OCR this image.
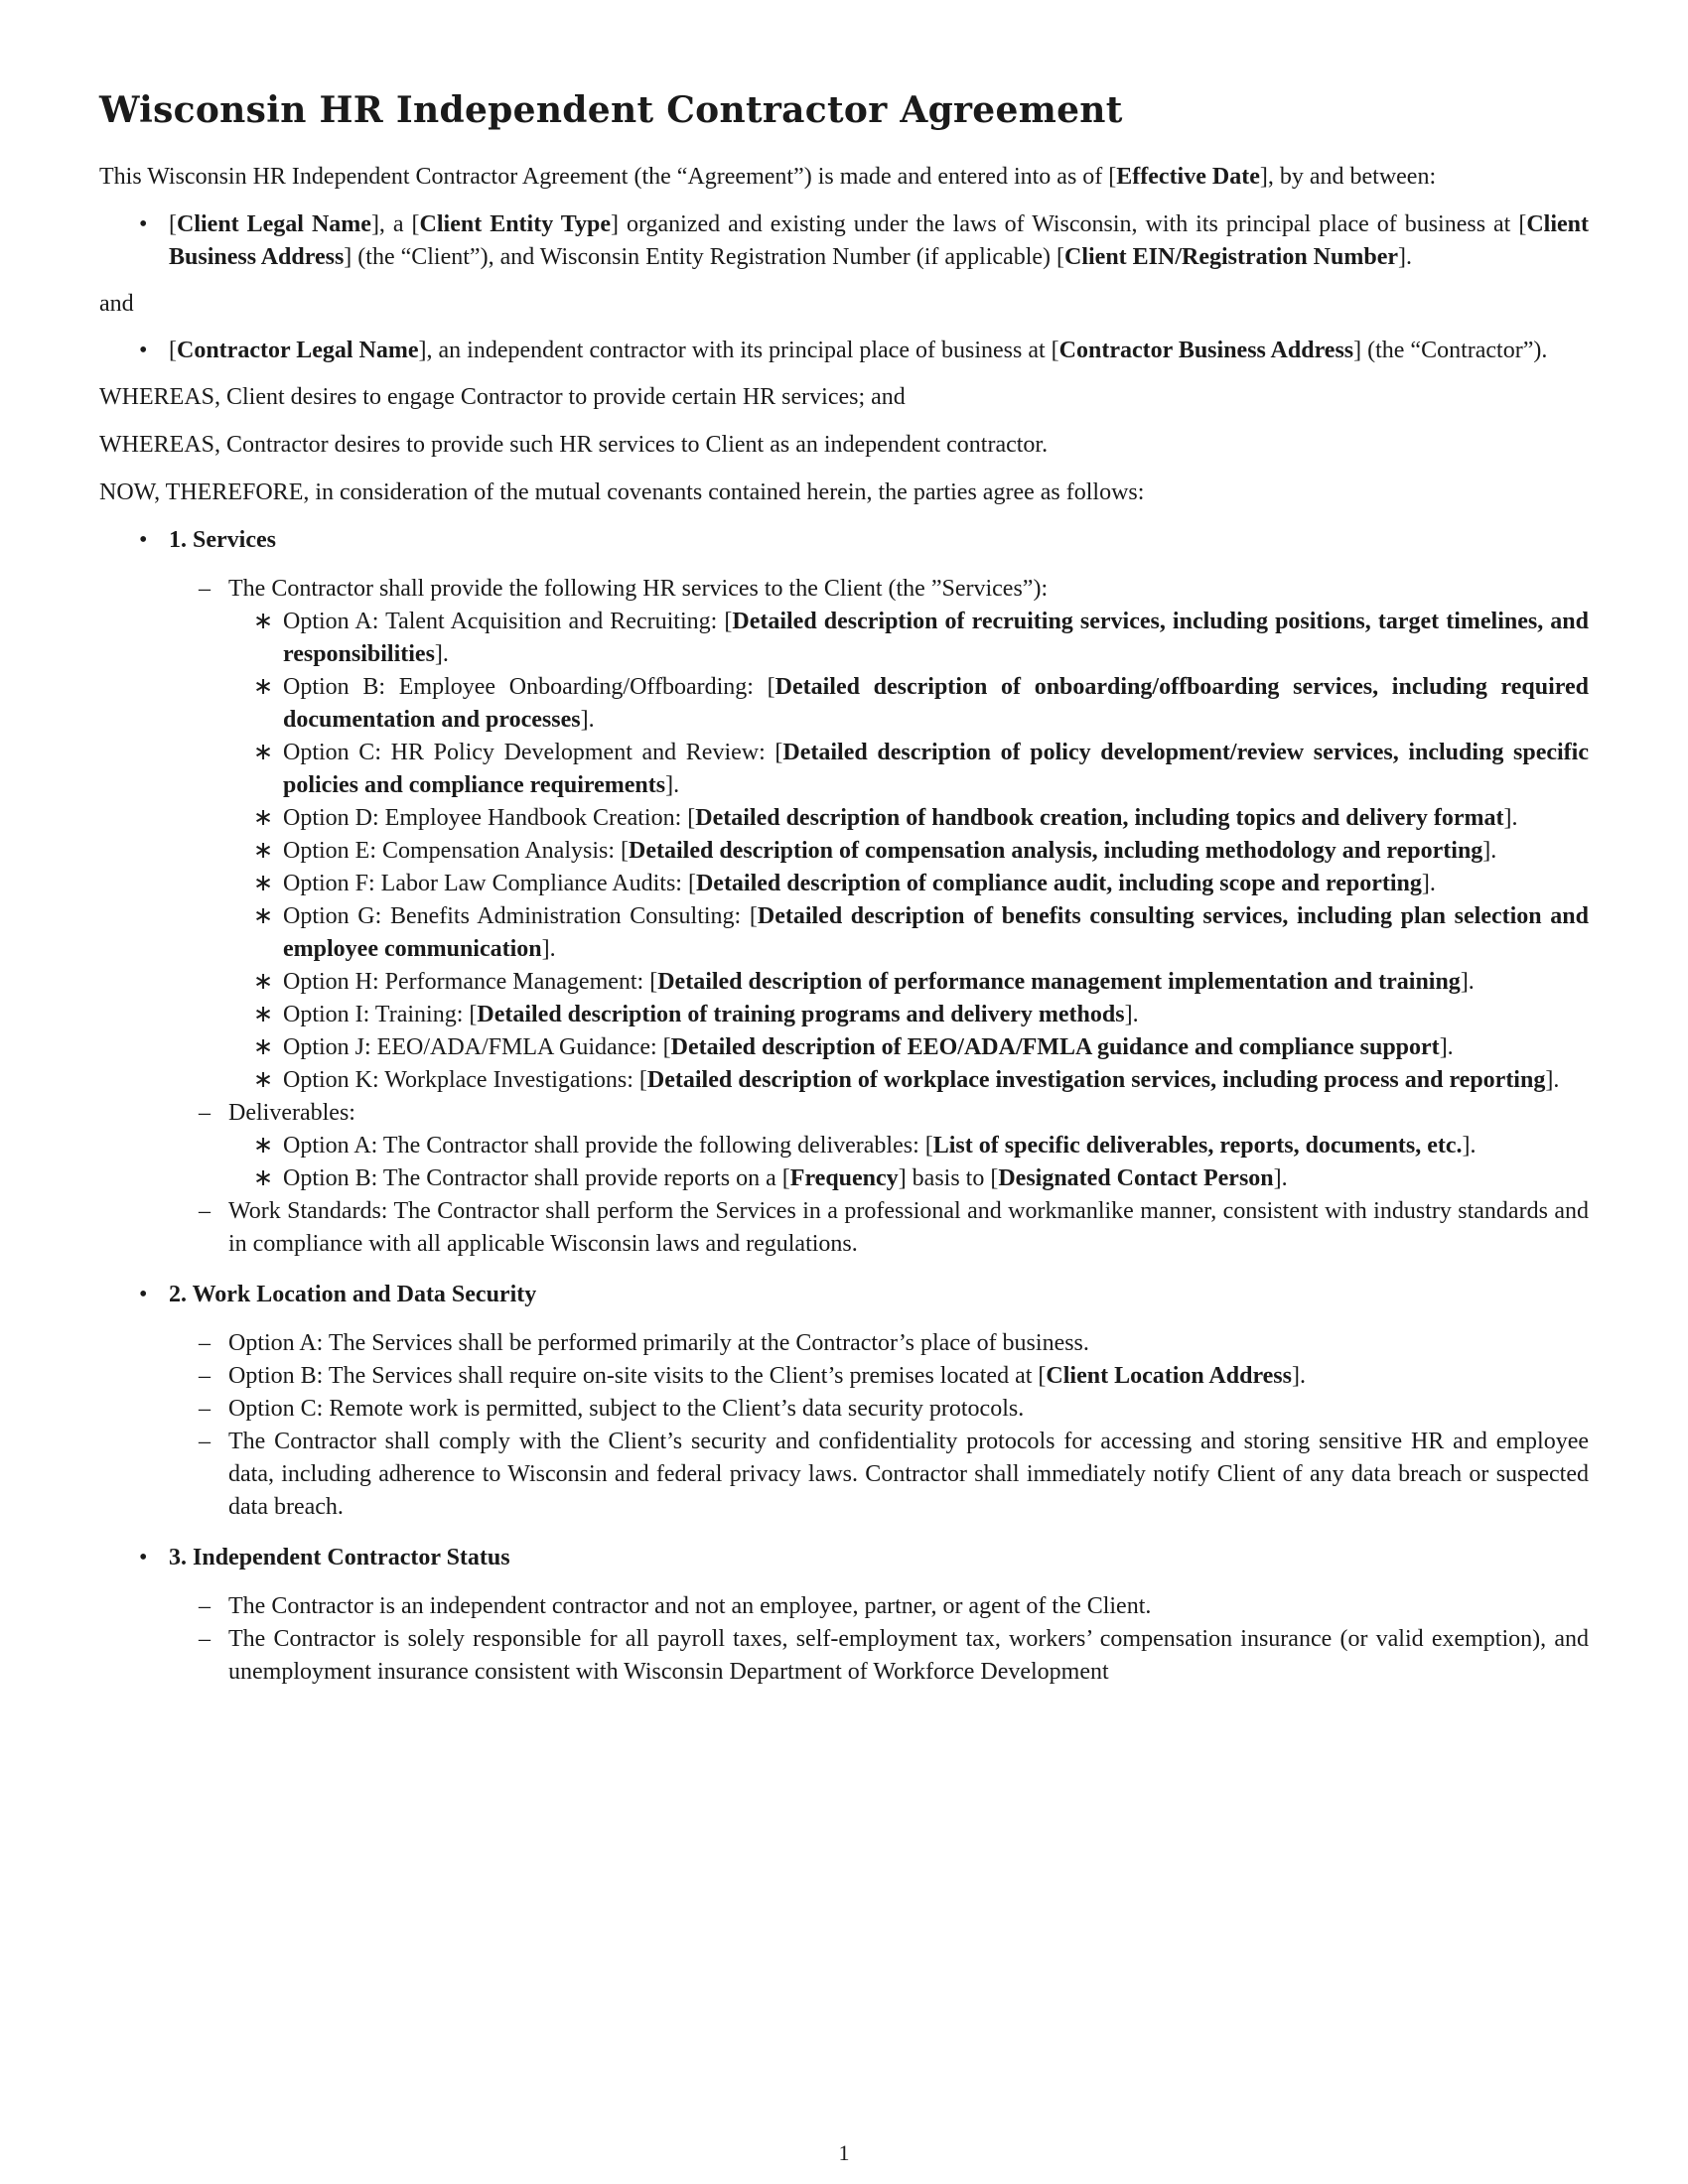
Wisconsin HR Independent Contractor Agreement

This Wisconsin HR Independent Contractor Agreement (the “Agreement”) is made and entered into as of [Effective Date], by and between:

• [Client Legal Name], a [Client Entity Type] organized and existing under the laws of Wisconsin, with its principal place of business at [Client Business Address] (the “Client”), and Wisconsin Entity Registration Number (if applicable) [Client EIN/Registration Number].

and

• [Contractor Legal Name], an independent contractor with its principal place of business at [Contractor Business Address] (the “Contractor”).

WHEREAS, Client desires to engage Contractor to provide certain HR services; and

WHEREAS, Contractor desires to provide such HR services to Client as an independent contractor.

NOW, THEREFORE, in consideration of the mutual covenants contained herein, the parties agree as follows:

• 1. Services
– The Contractor shall provide the following HR services to the Client (the ”Services”):
∗ Option A: Talent Acquisition and Recruiting: [Detailed description of recruiting services, including positions, target timelines, and responsibilities].
∗ Option B: Employee Onboarding/Offboarding: [Detailed description of onboarding/offboarding services, including required documentation and processes].
∗ Option C: HR Policy Development and Review: [Detailed description of policy development/review services, including specific policies and compliance requirements].
∗ Option D: Employee Handbook Creation: [Detailed description of handbook creation, including topics and delivery format].
∗ Option E: Compensation Analysis: [Detailed description of compensation analysis, including methodology and reporting].
∗ Option F: Labor Law Compliance Audits: [Detailed description of compliance audit, including scope and reporting].
∗ Option G: Benefits Administration Consulting: [Detailed description of benefits consulting services, including plan selection and employee communication].
∗ Option H: Performance Management: [Detailed description of performance management implementation and training].
∗ Option I: Training: [Detailed description of training programs and delivery methods].
∗ Option J: EEO/ADA/FMLA Guidance: [Detailed description of EEO/ADA/FMLA guidance and compliance support].
∗ Option K: Workplace Investigations: [Detailed description of workplace investigation services, including process and reporting].
– Deliverables:
∗ Option A: The Contractor shall provide the following deliverables: [List of specific deliverables, reports, documents, etc.].
∗ Option B: The Contractor shall provide reports on a [Frequency] basis to [Designated Contact Person].
– Work Standards: The Contractor shall perform the Services in a professional and workmanlike manner, consistent with industry standards and in compliance with all applicable Wisconsin laws and regulations.
• 2. Work Location and Data Security
– Option A: The Services shall be performed primarily at the Contractor’s place of business.
– Option B: The Services shall require on-site visits to the Client’s premises located at [Client Location Address].
– Option C: Remote work is permitted, subject to the Client’s data security protocols.
– The Contractor shall comply with the Client’s security and confidentiality protocols for accessing and storing sensitive HR and employee data, including adherence to Wisconsin and federal privacy laws. Contractor shall immediately notify Client of any data breach or suspected data breach.
• 3. Independent Contractor Status
– The Contractor is an independent contractor and not an employee, partner, or agent of the Client.
– The Contractor is solely responsible for all payroll taxes, self-employment tax, workers’ compensation insurance (or valid exemption), and unemployment insurance consistent with Wisconsin Department of Workforce Development
1
